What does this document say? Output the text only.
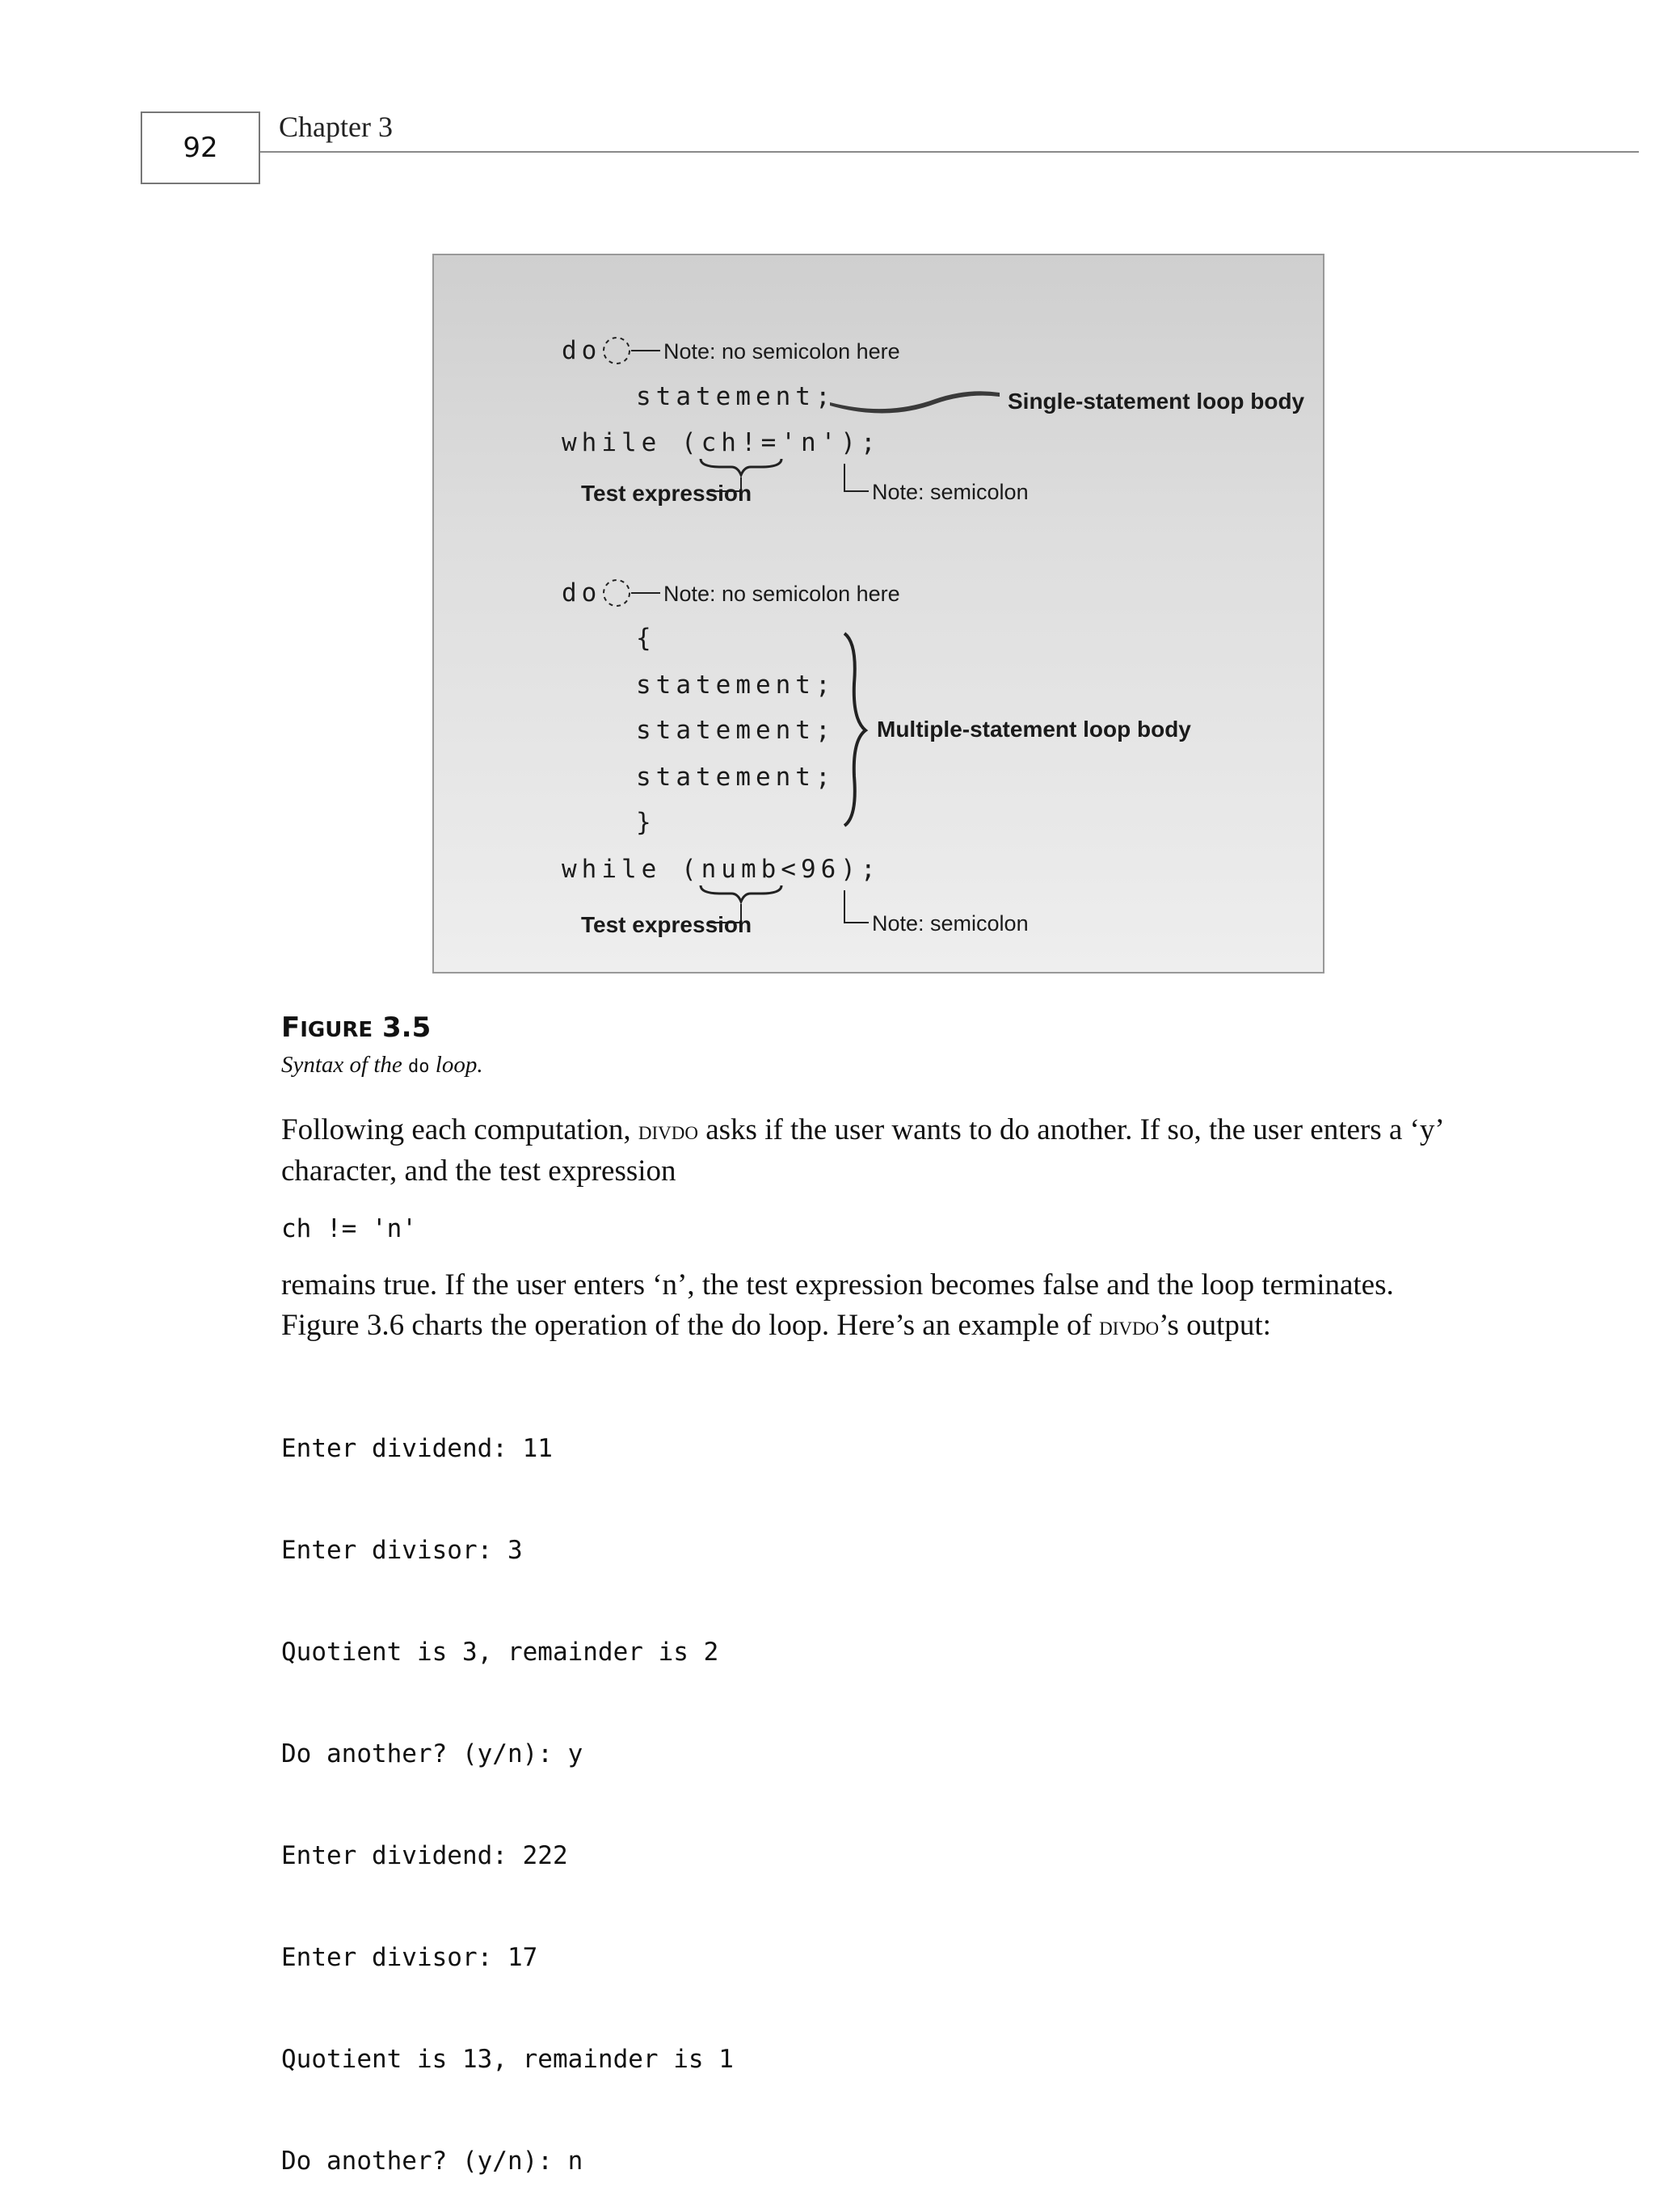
92
Chapter 3
do	Note: no semicolon here
statement;	Single-statement loop body
while (ch!='n');
Test expression	Note: semicolon
do	Note: no semicolon here
{
statement;
statement;
statement;
}
Multiple-statement loop body
while (numb<96);
Test expression	Note: semicolon
FIGURE 3.5
Syntax of the do loop.
Following each computation, divdo asks if the user wants to do another. If so, the user enters a ‘y’ character, and the test expression
ch != 'n'
remains true. If the user enters ‘n’, the test expression becomes false and the loop terminates. Figure 3.6 charts the operation of the do loop. Here’s an example of divdo’s output:

Enter dividend: 11

Enter divisor: 3

Quotient is 3, remainder is 2

Do another? (y/n): y

Enter dividend: 222

Enter divisor: 17

Quotient is 13, remainder is 1

Do another? (y/n): n
